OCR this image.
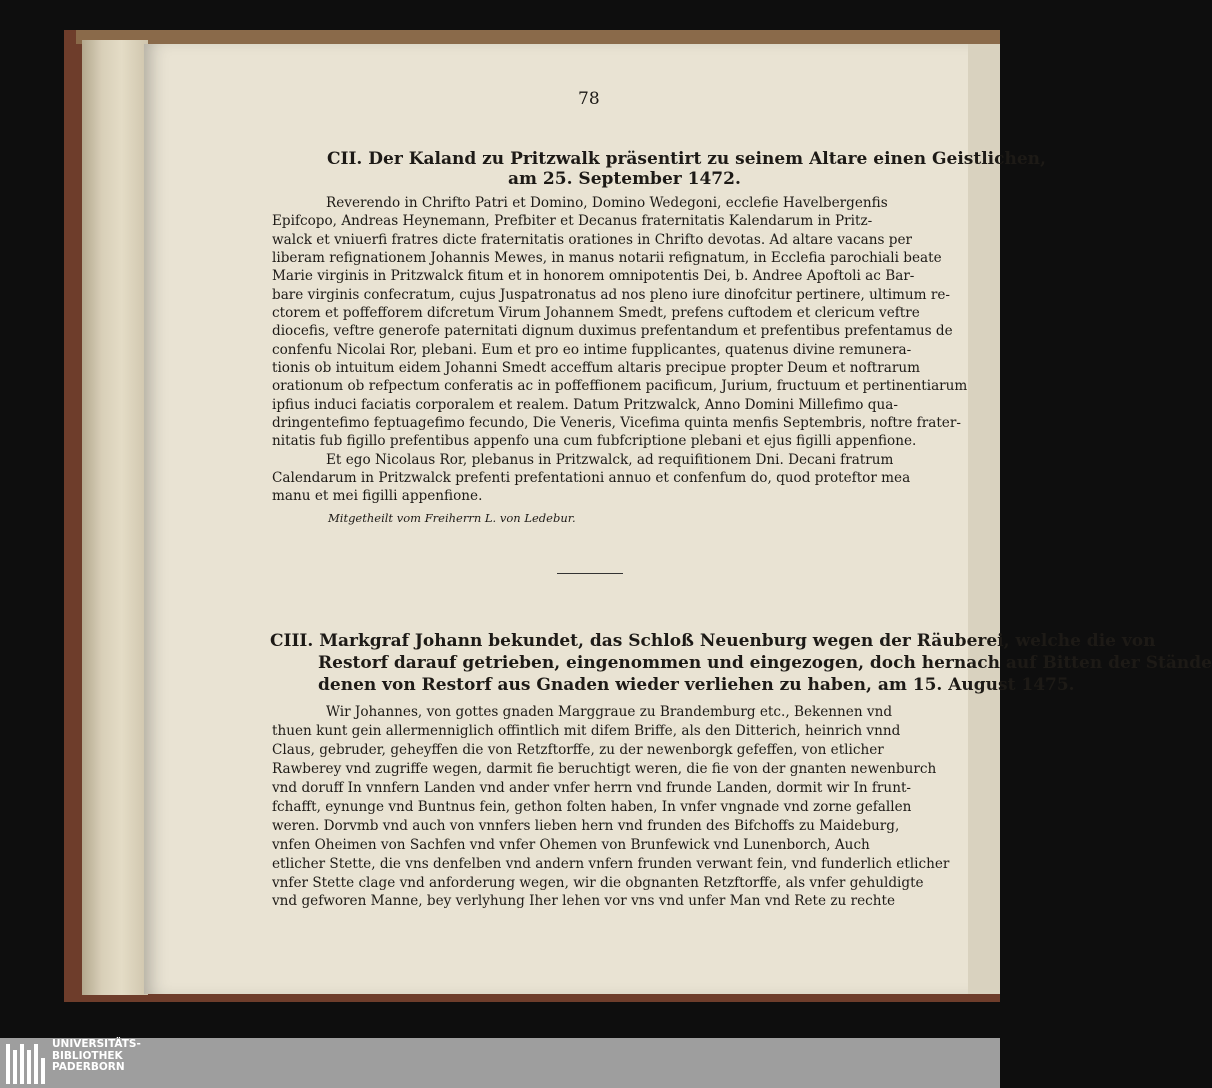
78
CII. Der Kaland zu Pritzwalk präsentirt zu seinem Altare einen Geistlichen,
am 25. September 1472.
Reverendo in Chrifto Patri et Domino, Domino Wedegoni, ecclefie Havelbergenfis
Epifcopo, Andreas Heynemann, Prefbiter et Decanus fraternitatis Kalendarum in Pritz-
walck et vniuerfi fratres dicte fraternitatis orationes in Chrifto devotas. Ad altare vacans per
liberam refignationem Johannis Mewes, in manus notarii refignatum, in Ecclefia parochiali beate
Marie virginis in Pritzwalck fitum et in honorem omnipotentis Dei, b. Andree Apoftoli ac Bar-
bare virginis confecratum, cujus Juspatronatus ad nos pleno iure dinofcitur pertinere, ultimum re-
ctorem et poffefforem difcretum Virum Johannem Smedt, prefens cuftodem et clericum veftre
diocefis, veftre generofe paternitati dignum duximus prefentandum et prefentibus prefentamus de
confenfu Nicolai Ror, plebani. Eum et pro eo intime fupplicantes, quatenus divine remunera-
tionis ob intuitum eidem Johanni Smedt acceffum altaris precipue propter Deum et noftrarum
orationum ob refpectum conferatis ac in poffeffionem pacificum, Jurium, fructuum et pertinentiarum
ipfius induci faciatis corporalem et realem. Datum Pritzwalck, Anno Domini Millefimo qua-
dringentefimo feptuagefimo fecundo, Die Veneris, Vicefima quinta menfis Septembris, noftre frater-
nitatis fub figillo prefentibus appenfo una cum fubfcriptione plebani et ejus figilli appenfione.
Et ego Nicolaus Ror, plebanus in Pritzwalck, ad requifitionem Dni. Decani fratrum
Calendarum in Pritzwalck prefenti prefentationi annuo et confenfum do, quod proteftor mea
manu et mei figilli appenfione.
Mitgetheilt vom Freiherrn L. von Ledebur.
CIII. Markgraf Johann bekundet, das Schloß Neuenburg wegen der Räuberei, welche die von
Restorf darauf getrieben, eingenommen und eingezogen, doch hernach auf Bitten der Stände
denen von Restorf aus Gnaden wieder verliehen zu haben, am 15. August 1475.
Wir Johannes, von gottes gnaden Marggraue zu Brandemburg etc., Bekennen vnd
thuen kunt gein allermenniglich offintlich mit difem Briffe, als den Ditterich, heinrich vnnd
Claus, gebruder, geheyffen die von Retzftorffe, zu der newenborgk gefeffen, von etlicher
Rawberey vnd zugriffe wegen, darmit fie beruchtigt weren, die fie von der gnanten newenburch
vnd doruff In vnnfern Landen vnd ander vnfer herrn vnd frunde Landen, dormit wir In frunt-
fchafft, eynunge vnd Buntnus fein, gethon folten haben, In vnfer vngnade vnd zorne gefallen
weren. Dorvmb vnd auch von vnnfers lieben hern vnd frunden des Bifchoffs zu Maideburg,
vnfen Oheimen von Sachfen vnd vnfer Ohemen von Brunfewick vnd Lunenborch, Auch
etlicher Stette, die vns denfelben vnd andern vnfern frunden verwant fein, vnd funderlich etlicher
vnfer Stette clage vnd anforderung wegen, wir die obgnanten Retzftorffe, als vnfer gehuldigte
vnd gefworen Manne, bey verlyhung Iher lehen vor vns vnd unfer Man vnd Rete zu rechte
UNIVERSITÄTS-
BIBLIOTHEK
PADERBORN
